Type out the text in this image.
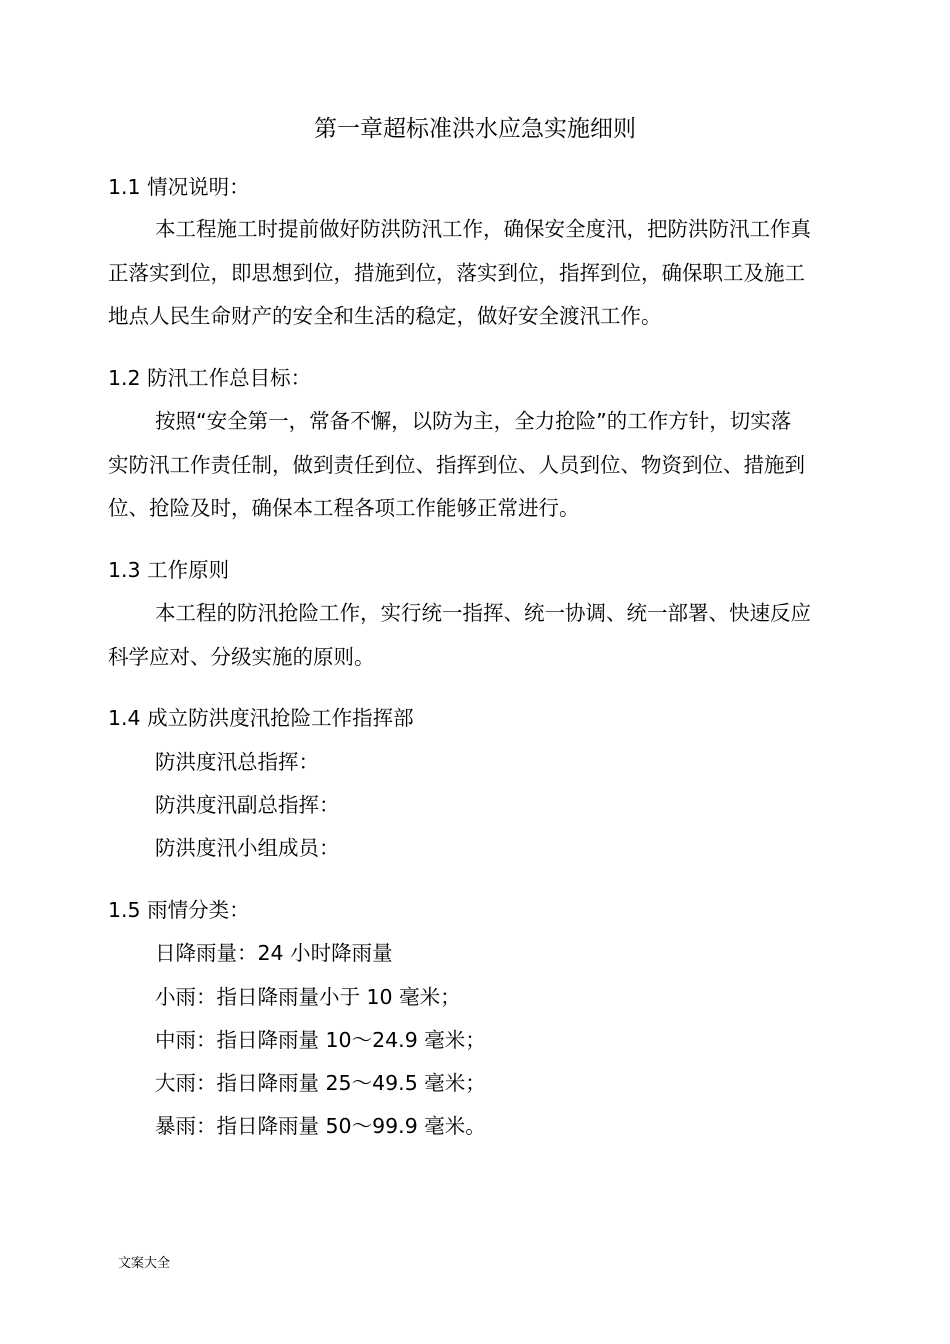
第一章超标准洪水应急实施细则
1.1 情况说明：
本工程施工时提前做好防洪防汛工作，确保安全度汛，把防洪防汛工作真
正落实到位，即思想到位，措施到位，落实到位，指挥到位，确保职工及施工
地点人民生命财产的安全和生活的稳定，做好安全渡汛工作。
1.2 防汛工作总目标：
按照“安全第一，常备不懈，以防为主，全力抢险”的工作方针，切实落
实防汛工作责任制，做到责任到位、指挥到位、人员到位、物资到位、措施到
位、抢险及时，确保本工程各项工作能够正常进行。
1.3 工作原则
本工程的防汛抢险工作，实行统一指挥、统一协调、统一部署、快速反应
科学应对、分级实施的原则。
1.4 成立防洪度汛抢险工作指挥部
防洪度汛总指挥：
防洪度汛副总指挥：
防洪度汛小组成员：
1.5 雨情分类：
日降雨量：24 小时降雨量
小雨：指日降雨量小于 10 毫米；
中雨：指日降雨量 10～24.9 毫米；
大雨：指日降雨量 25～49.5 毫米；
暴雨：指日降雨量 50～99.9 毫米。
文案大全
